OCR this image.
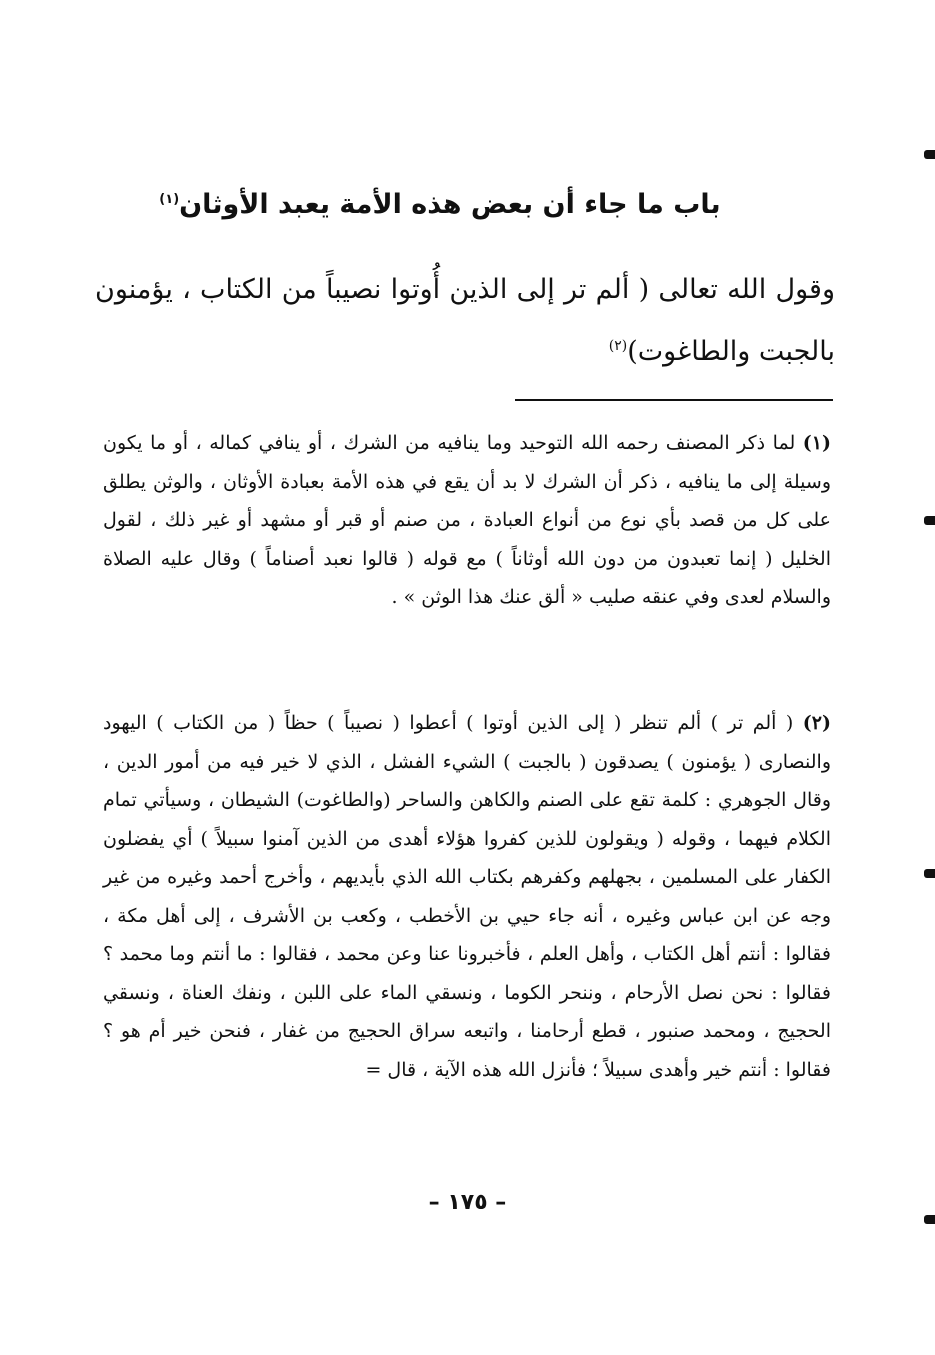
باب ما جاء أن بعض هذه الأمة يعبد الأوثان$^{(١)}$

وقول الله تعالى ( ألم تر إلى الذين أُوتوا نصيباً من الكتاب ، يؤمنون بالجبت والطاغوت)$^{(٢)}$

(١) لما ذكر المصنف رحمه الله التوحيد وما ينافيه من الشرك ، أو ينافي كماله ، أو ما يكون وسيلة إلى ما ينافيه ، ذكر أن الشرك لا بد أن يقع في هذه الأمة بعبادة الأوثان ، والوثن يطلق على كل من قصد بأي نوع من أنواع العبادة ، من صنم أو قبر أو مشهد أو غير ذلك ، لقول الخليل ( إنما تعبدون من دون الله أوثاناً ) مع قوله ( قالوا نعبد أصناماً ) وقال عليه الصلاة والسلام لعدى وفي عنقه صليب « ألق عنك هذا الوثن » .

(٢) ( ألم تر ) ألم تنظر ( إلى الذين أوتوا ) أعطوا ( نصيباً ) حظاً ( من الكتاب ) اليهود والنصارى ( يؤمنون ) يصدقون ( بالجبت ) الشيء الفشل ، الذي لا خير فيه من أمور الدين ، وقال الجوهري : كلمة تقع على الصنم والكاهن والساحر (والطاغوت) الشيطان ، وسيأتي تمام الكلام فيهما ، وقوله ( ويقولون للذين كفروا هؤلاء أهدى من الذين آمنوا سبيلاً ) أي يفضلون الكفار على المسلمين ، بجهلهم وكفرهم بكتاب الله الذي بأيديهم ، وأخرج أحمد وغيره من غير وجه عن ابن عباس وغيره ، أنه جاء حيي بن الأخطب ، وكعب بن الأشرف ، إلى أهل مكة ، فقالوا : أنتم أهل الكتاب ، وأهل العلم ، فأخبرونا عنا وعن محمد ، فقالوا : ما أنتم وما محمد ؟ فقالوا : نحن نصل الأرحام ، وننحر الكوما ، ونسقي الماء على اللبن ، ونفك العناة ، ونسقي الحجيج ، ومحمد صنبور ، قطع أرحامنا ، واتبعه سراق الحجيج من غفار ، فنحن خير أم هو ؟ فقالوا : أنتم خير وأهدى سبيلاً ؛ فأنزل الله هذه الآية ، قال =

– ١٧٥ –
